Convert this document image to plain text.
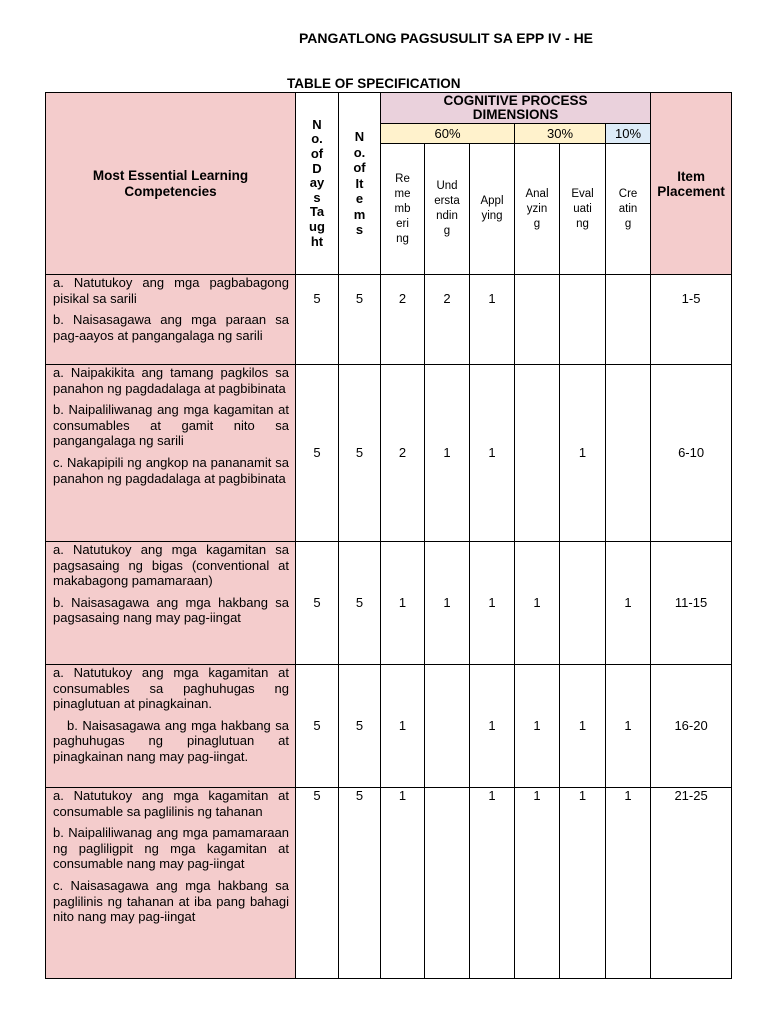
PANGATLONG PAGSUSULIT SA EPP IV - HE
TABLE OF SPECIFICATION
Most Essential Learning Competencies	No. of Days Taught	No. of Items	COGNITIVE PROCESS DIMENSIONS						Item Placement
			60%			30%		10%	
			Remembering	Understanding	Applying	Analyzing	Evaluating	Creating	

a. Natutukoy ang mga pagbabagong pisikal sa sarili

b. Naisasagawa ang mga paraan sa pag-aayos at pangangalaga ng sarili	5	5	2	2	1				1-5

a. Naipakikita ang tamang pagkilos sa panahon ng pagdadalaga at pagbibinata

b. Naipaliliwanag ang mga kagamitan at consumables at gamit nito sa pangangalaga ng sarili

c. Nakapipili ng angkop na pananamit sa panahon ng pagdadalaga at pagbibinata	5	5	2	1	1		1		6-10

a. Natutukoy ang mga kagamitan sa pagsasaing ng bigas (conventional at makabagong pamamaraan)

b. Naisasagawa ang mga hakbang sa pagsasaing nang may pag-iingat	5	5	1	1	1	1		1	11-15

a. Natutukoy ang mga kagamitan at consumables sa paghuhugas ng pinaglutuan at pinagkainan.

b. Naisasagawa ang mga hakbang sa paghuhugas ng pinaglutuan at pinagkainan nang may pag-iingat.	5	5	1		1	1	1	1	16-20

a. Natutukoy ang mga kagamitan at consumable sa paglilinis ng tahanan

b. Naipaliliwanag ang mga pamamaraan ng pagliligpit ng mga kagamitan at consumable nang may pag-iingat

c. Naisasagawa ang mga hakbang sa paglilinis ng tahanan at iba pang bahagi nito nang may pag-iingat	5	5	1		1	1	1	1	21-25
